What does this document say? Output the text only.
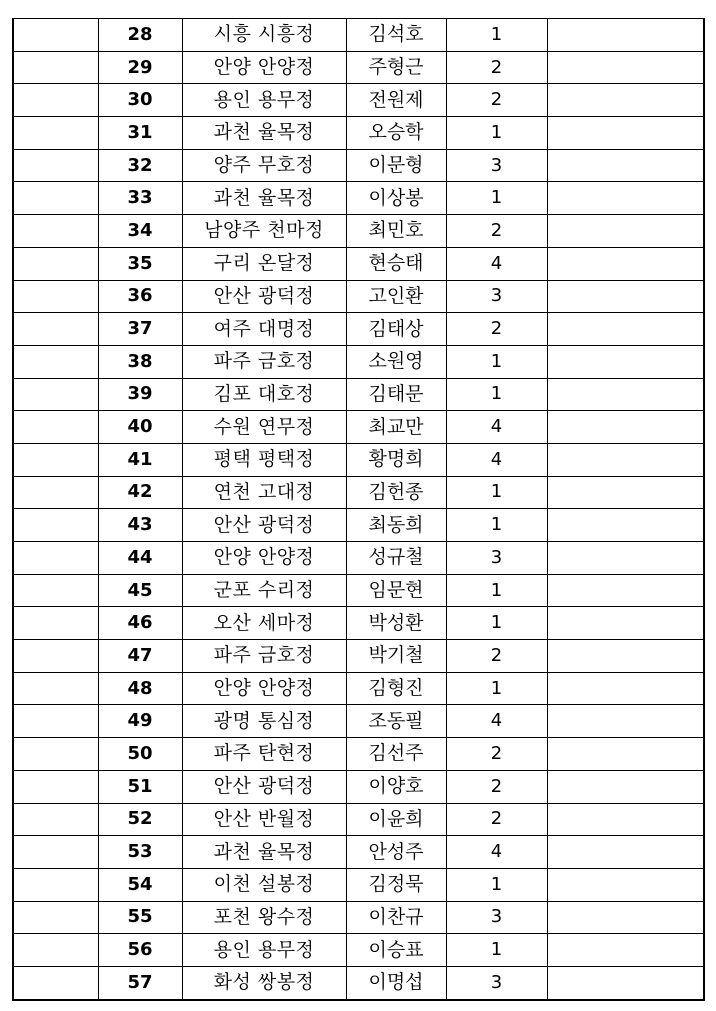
	28	시흥 시흥정	김석호	1	
	29	안양 안양정	주형근	2	
	30	용인 용무정	전원제	2	
	31	과천 율목정	오승학	1	
	32	양주 무호정	이문형	3	
	33	과천 율목정	이상봉	1	
	34	남양주 천마정	최민호	2	
	35	구리 온달정	현승태	4	
	36	안산 광덕정	고인환	3	
	37	여주 대명정	김태상	2	
	38	파주 금호정	소원영	1	
	39	김포 대호정	김태문	1	
	40	수원 연무정	최교만	4	
	41	평택 평택정	황명희	4	
	42	연천 고대정	김헌종	1	
	43	안산 광덕정	최동희	1	
	44	안양 안양정	성규철	3	
	45	군포 수리정	임문현	1	
	46	오산 세마정	박성환	1	
	47	파주 금호정	박기철	2	
	48	안양 안양정	김형진	1	
	49	광명 통심정	조동필	4	
	50	파주 탄현정	김선주	2	
	51	안산 광덕정	이양호	2	
	52	안산 반월정	이윤희	2	
	53	과천 율목정	안성주	4	
	54	이천 설봉정	김정묵	1	
	55	포천 왕수정	이찬규	3	
	56	용인 용무정	이승표	1	
	57	화성 쌍봉정	이명섭	3	
